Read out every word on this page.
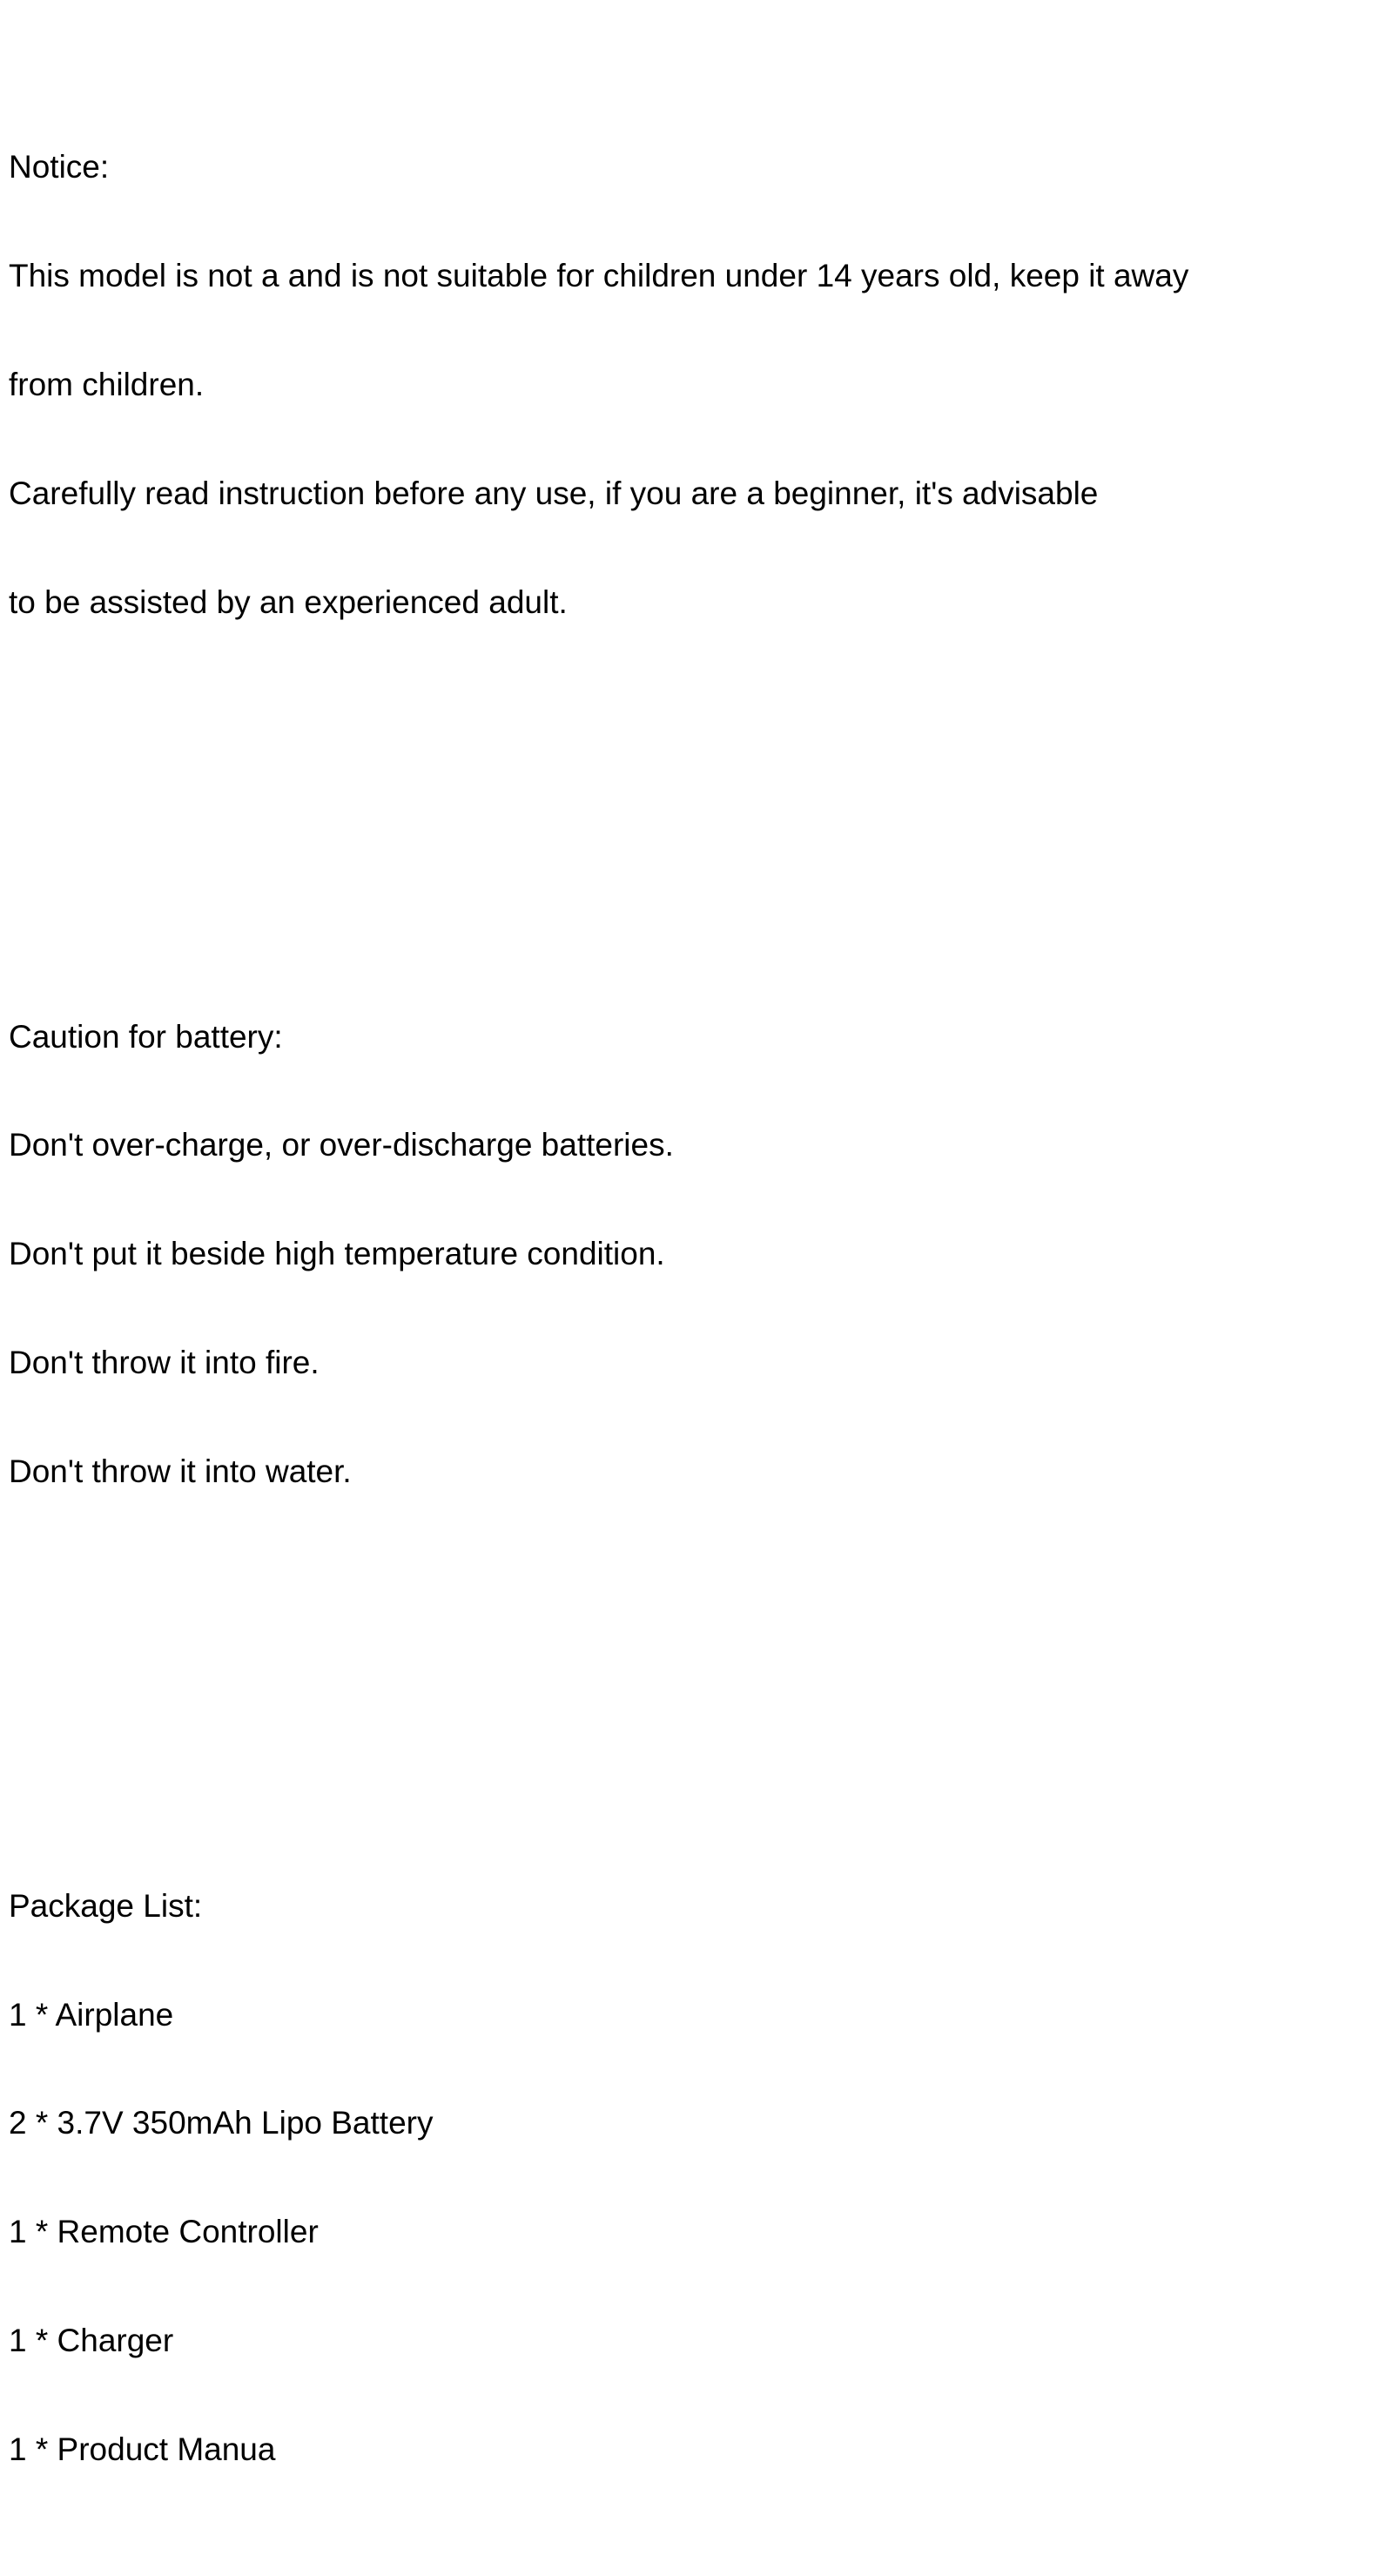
Notice:

This model is not a and is not suitable for children under 14 years old, keep it away

from children.

Carefully read instruction before any use, if you are a beginner, it's advisable

to be assisted by an experienced adult.

Caution for battery:

Don't over-charge, or over-discharge batteries.

Don't put it beside high temperature condition.

Don't throw it into fire.

Don't throw it into water.

Package List:

1 * Airplane

2 * 3.7V 350mAh Lipo Battery

1 * Remote Controller

1 * Charger

1 * Product Manua
